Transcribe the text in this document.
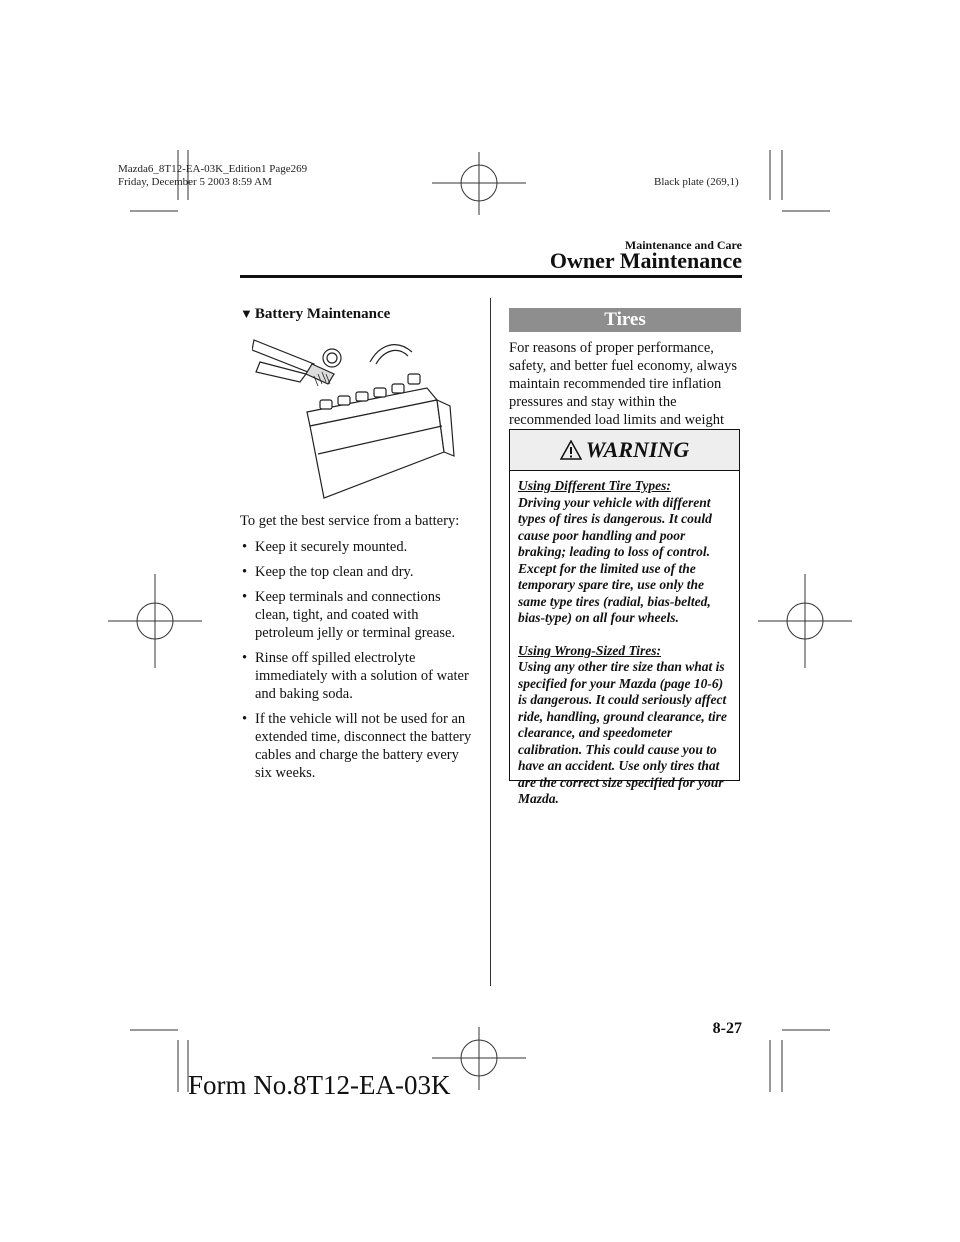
Mazda6_8T12-EA-03K_Edition1 Page269
Friday, December 5 2003 8:59 AM	Black plate (269,1)
Maintenance and Care
Owner Maintenance
▼ Battery Maintenance

To get the best service from a battery:

• Keep it securely mounted.
• Keep the top clean and dry.
• Keep terminals and connections clean, tight, and coated with petroleum jelly or terminal grease.
• Rinse off spilled electrolyte immediately with a solution of water and baking soda.
• If the vehicle will not be used for an extended time, disconnect the battery cables and charge the battery every six weeks.
Tires
For reasons of proper performance, safety, and better fuel economy, always maintain recommended tire inflation pressures and stay within the recommended load limits and weight
WARNING

Using Different Tire Types:

Driving your vehicle with different types of tires is dangerous. It could cause poor handling and poor braking; leading to loss of control. Except for the limited use of the temporary spare tire, use only the same type tires (radial, bias-belted, bias-type) on all four wheels.

Using Wrong-Sized Tires:

Using any other tire size than what is specified for your Mazda (page 10-6) is dangerous. It could seriously affect ride, handling, ground clearance, tire clearance, and speedometer calibration. This could cause you to have an accident. Use only tires that are the correct size specified for your Mazda.

8-27
Form No.8T12-EA-03K
